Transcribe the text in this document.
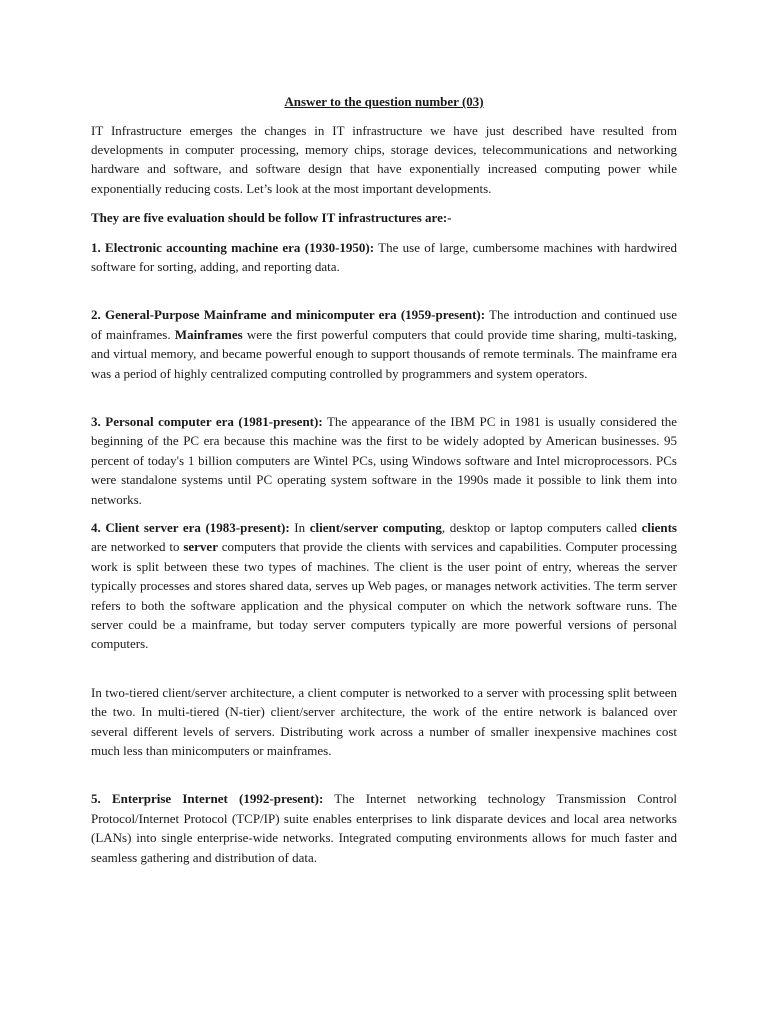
Answer to the question number (03)

IT Infrastructure emerges the changes in IT infrastructure we have just described have resulted from developments in computer processing, memory chips, storage devices, telecommunications and networking hardware and software, and software design that have exponentially increased computing power while exponentially reducing costs. Let’s look at the most important developments.

They are five evaluation should be follow IT infrastructures are:-

1. Electronic accounting machine era (1930-1950): The use of large, cumbersome machines with hardwired software for sorting, adding, and reporting data.

2. General-Purpose Mainframe and minicomputer era (1959-present): The introduction and continued use of mainframes. Mainframes were the first powerful computers that could provide time sharing, multi-tasking, and virtual memory, and became powerful enough to support thousands of remote terminals. The mainframe era was a period of highly centralized computing controlled by programmers and system operators.

3. Personal computer era (1981-present): The appearance of the IBM PC in 1981 is usually considered the beginning of the PC era because this machine was the first to be widely adopted by American businesses. 95 percent of today's 1 billion computers are Wintel PCs, using Windows software and Intel microprocessors. PCs were standalone systems until PC operating system software in the 1990s made it possible to link them into networks.

4. Client server era (1983-present): In client/server computing, desktop or laptop computers called clients are networked to server computers that provide the clients with services and capabilities. Computer processing work is split between these two types of machines. The client is the user point of entry, whereas the server typically processes and stores shared data, serves up Web pages, or manages network activities. The term server refers to both the software application and the physical computer on which the network software runs. The server could be a mainframe, but today server computers typically are more powerful versions of personal computers.

In two-tiered client/server architecture, a client computer is networked to a server with processing split between the two. In multi-tiered (N-tier) client/server architecture, the work of the entire network is balanced over several different levels of servers. Distributing work across a number of smaller inexpensive machines cost much less than minicomputers or mainframes.

5. Enterprise Internet (1992-present): The Internet networking technology Transmission Control Protocol/Internet Protocol (TCP/IP) suite enables enterprises to link disparate devices and local area networks (LANs) into single enterprise-wide networks. Integrated computing environments allows for much faster and seamless gathering and distribution of data.
